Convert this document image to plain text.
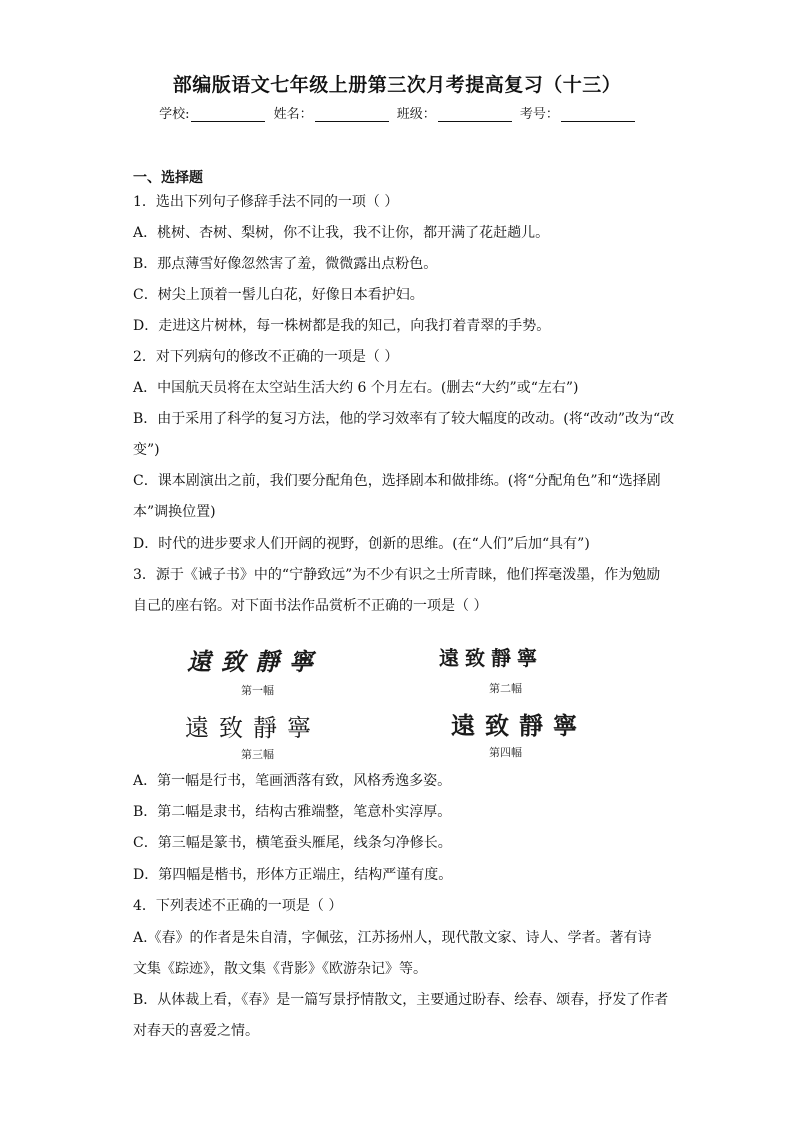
部编版语文七年级上册第三次月考提高复习（十三）
学校:	姓名：	班级：	考号：
一、选择题
1．选出下列句子修辞手法不同的一项（ ）
A．桃树、杏树、梨树，你不让我，我不让你，都开满了花赶趟儿。
B．那点薄雪好像忽然害了羞，微微露出点粉色。
C．树尖上顶着一髻儿白花，好像日本看护妇。
D．走进这片树林，每一株树都是我的知己，向我打着青翠的手势。
2．对下列病句的修改不正确的一项是（ ）
A．中国航天员将在太空站生活大约 6 个月左右。(删去“大约”或“左右”)
B．由于采用了科学的复习方法，他的学习效率有了较大幅度的改动。(将“改动”改为“改
变”)
C．课本剧演出之前，我们要分配角色，选择剧本和做排练。(将“分配角色”和“选择剧
本”调换位置)
D．时代的进步要求人们开阔的视野，创新的思维。(在“人们”后加“具有”)
3．源于《诫子书》中的“宁静致远”为不少有识之士所青睐，他们挥毫泼墨，作为勉励
自己的座右铭。对下面书法作品赏析不正确的一项是（ ）
遠致靜寧
第一幅
遠致靜寧
第二幅
遠致靜寧
第三幅
遠致靜寧
第四幅
A．第一幅是行书，笔画洒落有致，风格秀逸多姿。
B．第二幅是隶书，结构古雅端整，笔意朴实淳厚。
C．第三幅是篆书，横笔蚕头雁尾，线条匀净修长。
D．第四幅是楷书，形体方正端庄，结构严谨有度。
4．下列表述不正确的一项是（ ）
A.《春》的作者是朱自清，字佩弦，江苏扬州人，现代散文家、诗人、学者。著有诗
文集《踪迹》，散文集《背影》《欧游杂记》等。
B．从体裁上看，《春》是一篇写景抒情散文，主要通过盼春、绘春、颂春，抒发了作者
对春天的喜爱之情。
